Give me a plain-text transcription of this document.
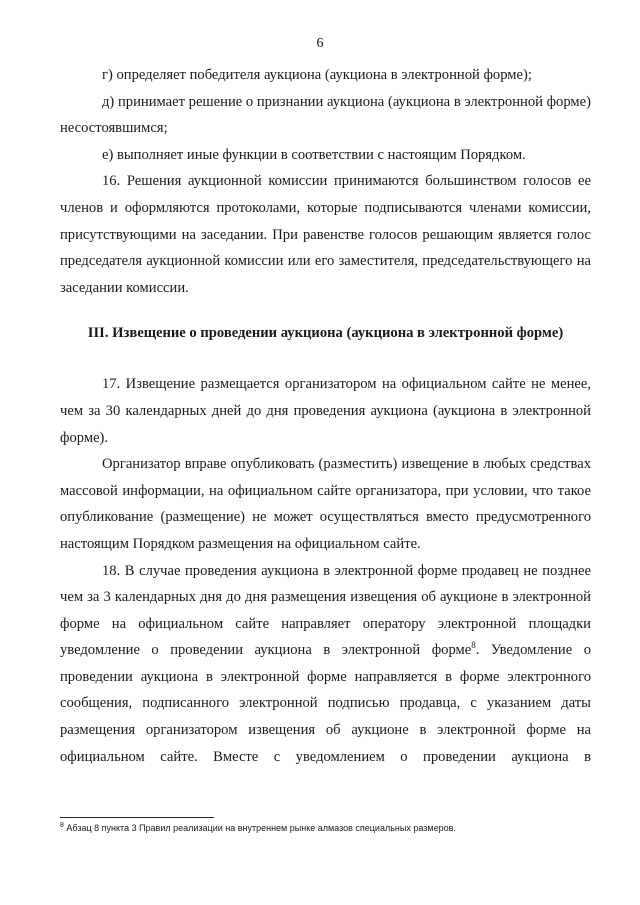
6

г) определяет победителя аукциона (аукциона в электронной форме);

д) принимает решение о признании аукциона (аукциона в электронной форме) несостоявшимся;

е) выполняет иные функции в соответствии с настоящим Порядком.

16. Решения аукционной комиссии принимаются большинством голосов ее членов и оформляются протоколами, которые подписываются членами комиссии, присутствующими на заседании. При равенстве голосов решающим является голос председателя аукционной комиссии или его заместителя, председательствующего на заседании комиссии.

III. Извещение о проведении аукциона (аукциона в электронной форме)

17. Извещение размещается организатором на официальном сайте не менее, чем за 30 календарных дней до дня проведения аукциона (аукциона в электронной форме).

Организатор вправе опубликовать (разместить) извещение в любых средствах массовой информации, на официальном сайте организатора, при условии, что такое опубликование (размещение) не может осуществляться вместо предусмотренного настоящим Порядком размещения на официальном сайте.

18. В случае проведения аукциона в электронной форме продавец не позднее чем за 3 календарных дня до дня размещения извещения об аукционе в электронной форме на официальном сайте направляет оператору электронной площадки уведомление о проведении аукциона в электронной форме$^8$. Уведомление о проведении аукциона в электронной форме направляется в форме электронного сообщения, подписанного электронной подписью продавца, с указанием даты размещения организатором извещения об аукционе в электронной форме на официальном сайте. Вместе с уведомлением о проведении аукциона в

$^8$ Абзац 8 пункта 3 Правил реализации на внутреннем рынке алмазов специальных размеров.
